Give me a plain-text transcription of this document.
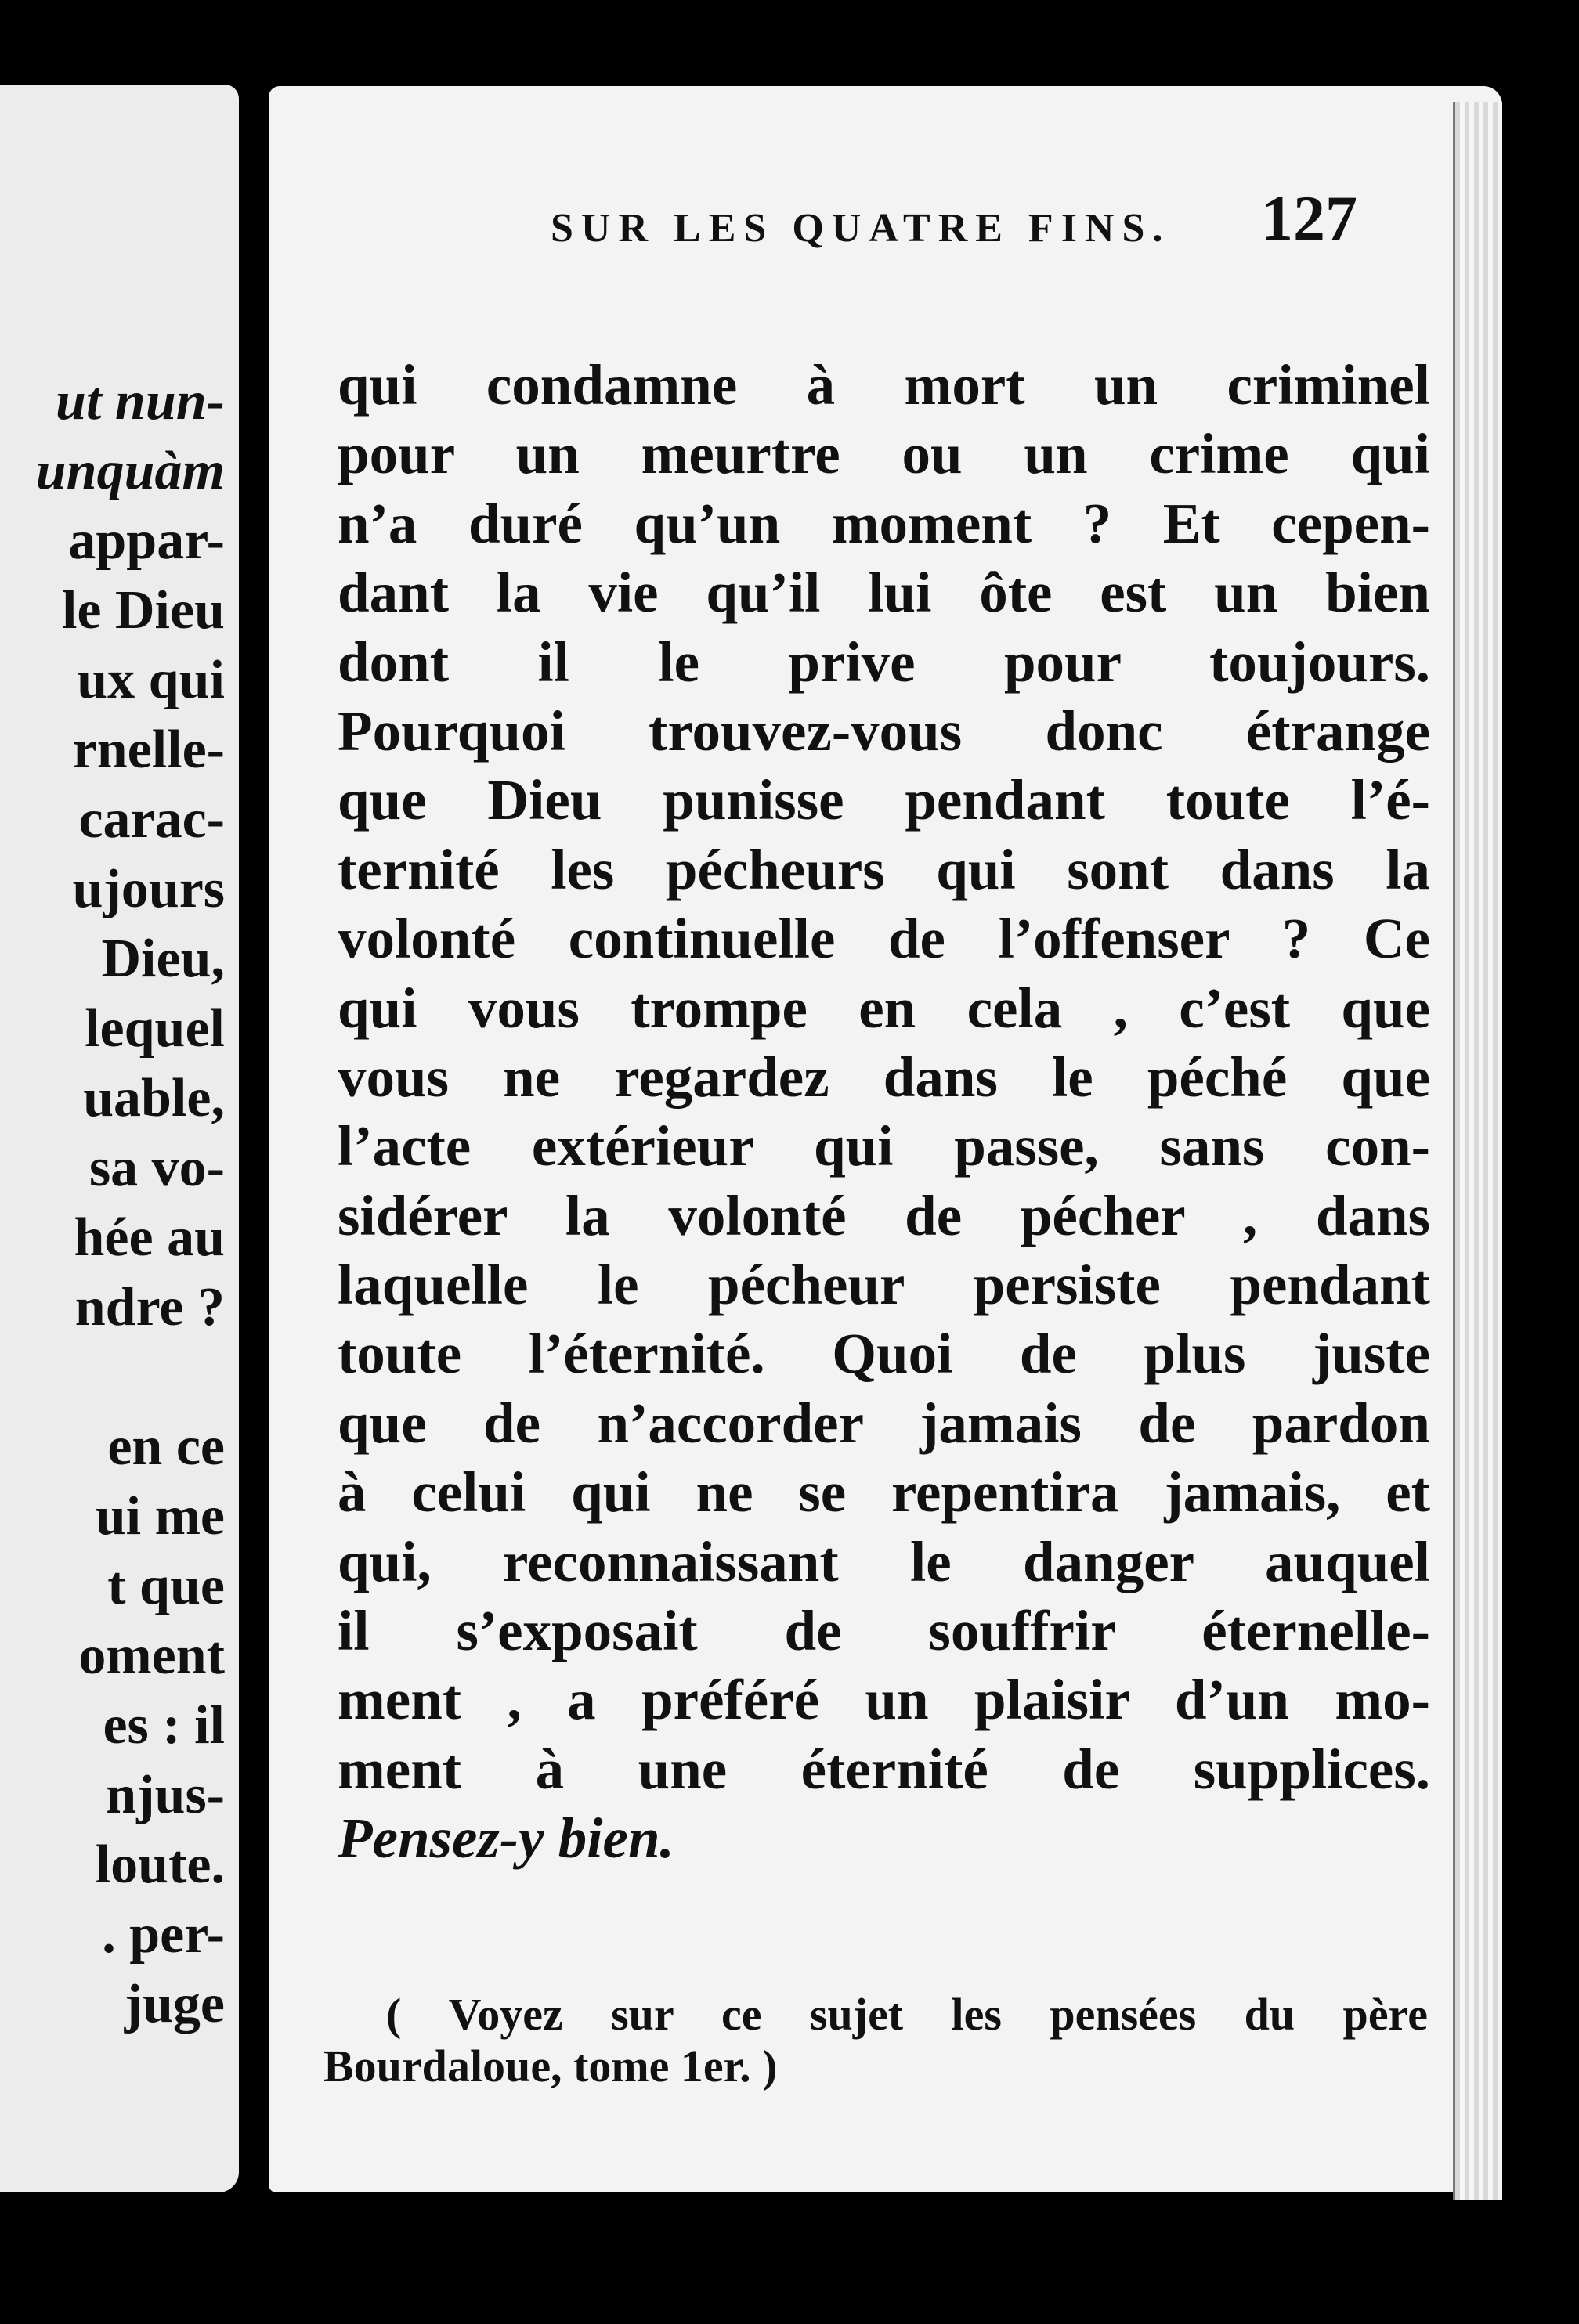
ut nun-
unquàm
appar-
le Dieu
ux qui
rnelle-
carac-
ujours
Dieu,
lequel
uable,
sa vo-
hée au
ndre ?
en ce
ui me
t que
oment
es : il
njus-
loute.
. per-
juge
SUR LES QUATRE FINS. 127
qui condamne à mort un criminel
pour un meurtre ou un crime qui
n’a duré qu’un moment ? Et cepen-
dant la vie qu’il lui ôte est un bien
dont il le prive pour toujours.
Pourquoi trouvez-vous donc étrange
que Dieu punisse pendant toute l’é-
ternité les pécheurs qui sont dans la
volonté continuelle de l’offenser ? Ce
qui vous trompe en cela , c’est que
vous ne regardez dans le péché que
l’acte extérieur qui passe, sans con-
sidérer la volonté de pécher , dans
laquelle le pécheur persiste pendant
toute l’éternité. Quoi de plus juste
que de n’accorder jamais de pardon
à celui qui ne se repentira jamais, et
qui, reconnaissant le danger auquel
il s’exposait de souffrir éternelle-
ment , a préféré un plaisir d’un mo-
ment à une éternité de supplices.
Pensez-y bien.
( Voyez sur ce sujet les pensées du père
Bourdaloue, tome 1er. )
